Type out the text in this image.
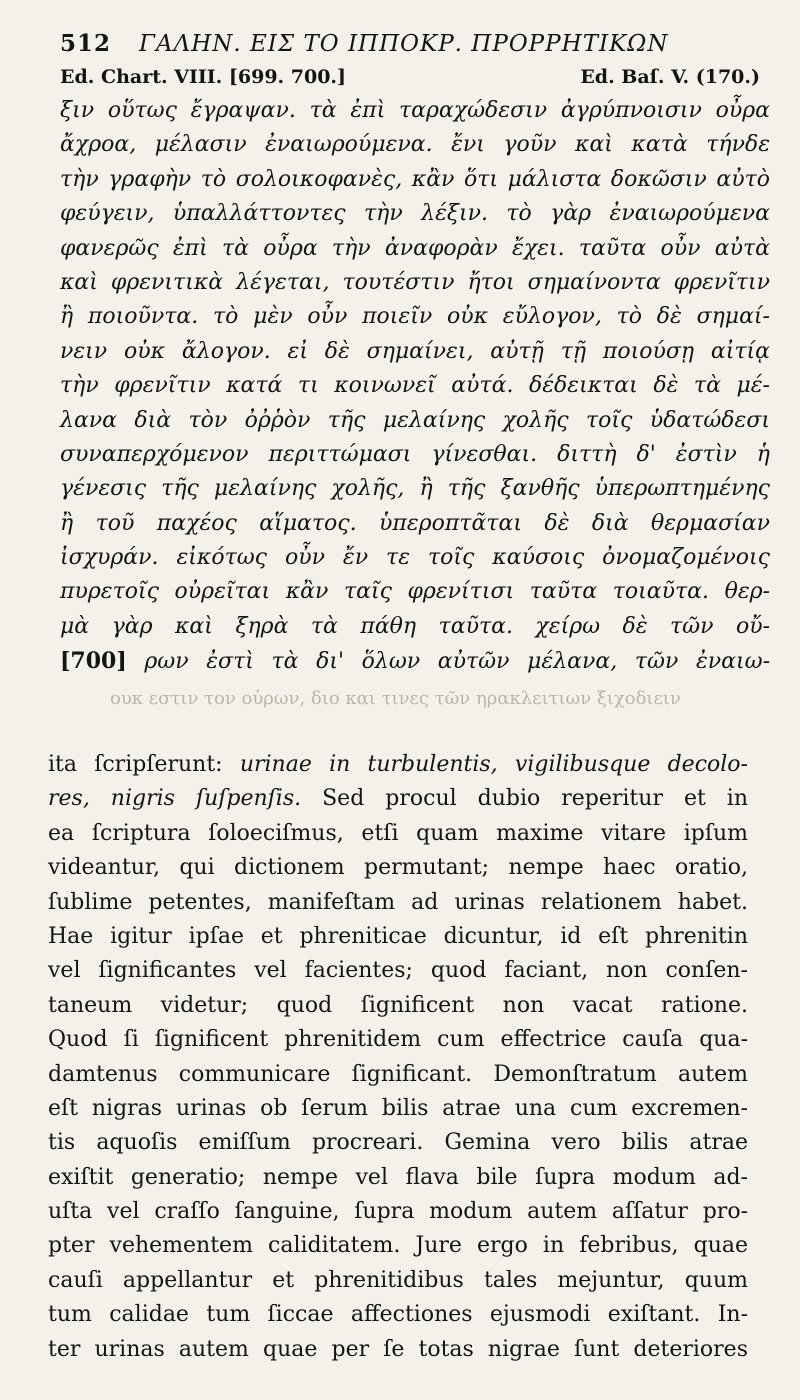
512 ΓΑΛΗΝ. ΕΙΣ ΤΟ ΙΠΠΟΚΡ. ΠΡΟΡΡΗΤΙΚΩΝ
Ed. Chart. VIII. [699. 700.]	Ed. Baſ. V. (170.)
ξιν οὕτως ἔγραψαν. τὰ ἐπὶ ταραχώδεσιν ἀγρύπνοισιν οὖρα
ἄχροα, μέλασιν ἐναιωρούμενα. ἔνι γοῦν καὶ κατὰ τήνδε
τὴν γραφὴν τὸ σολοικοφανὲς, κἂν ὅτι μάλιστα δοκῶσιν αὐτὸ
φεύγειν, ὑπαλλάττοντες τὴν λέξιν. τὸ γὰρ ἐναιωρούμενα
φανερῶς ἐπὶ τὰ οὖρα τὴν ἀναφορὰν ἔχει. ταῦτα οὖν αὐτὰ
καὶ φρενιτικὰ λέγεται, τουτέστιν ἤτοι σημαίνοντα φρενῖτιν
ἢ ποιοῦντα. τὸ μὲν οὖν ποιεῖν οὐκ εὔλογον, τὸ δὲ σημαί-
νειν οὐκ ἄλογον. εἰ δὲ σημαίνει, αὐτῇ τῇ ποιούσῃ αἰτίᾳ
τὴν φρενῖτιν κατά τι κοινωνεῖ αὐτά. δέδεικται δὲ τὰ μέ-
λανα διὰ τὸν ὀῤῥὸν τῆς μελαίνης χολῆς τοῖς ὑδατώδεσι
συναπερχόμενον περιττώμασι γίνεσθαι. διττὴ δ' ἐστὶν ἡ
γένεσις τῆς μελαίνης χολῆς, ἢ τῆς ξανθῆς ὑπερωπτημένης
ἢ τοῦ παχέος αἵματος. ὑπεροπτᾶται δὲ διὰ θερμασίαν
ἰσχυράν. εἰκότως οὖν ἔν τε τοῖς καύσοις ὀνομαζομένοις
πυρετοῖς οὐρεῖται κἂν ταῖς φρενίτισι ταῦτα τοιαῦτα. θερ-
μὰ γὰρ καὶ ξηρὰ τὰ πάθη ταῦτα. χείρω δὲ τῶν οὔ-
[700] ρων ἐστὶ τὰ δι' ὅλων αὐτῶν μέλανα, τῶν ἐναιω-
ουκ εστιν τον οὐρων, διο και τινες τῶν ηρακλειτιων ξιχοδιειν
ita ſcripſerunt: urinae in turbulentis, vigilibusque decolo-
res, nigris ſuſpenſis. Sed procul dubio reperitur et in
ea ſcriptura ſoloeciſmus, etſi quam maxime vitare ipſum
videantur, qui dictionem permutant; nempe haec oratio,
ſublime petentes, manifeſtam ad urinas relationem habet.
Hae igitur ipſae et phreniticae dicuntur, id eſt phrenitin
vel ſignificantes vel facientes; quod faciant, non conſen-
taneum videtur; quod ſignificent non vacat ratione.
Quod ſi ſignificent phrenitidem cum effectrice cauſa qua-
damtenus communicare ſignificant. Demonſtratum autem
eſt nigras urinas ob ſerum bilis atrae una cum excremen-
tis aquoſis emiſſum procreari. Gemina vero bilis atrae
exiſtit generatio; nempe vel flava bile ſupra modum ad-
uſta vel craſſo ſanguine, ſupra modum autem aſſatur pro-
pter vehementem caliditatem. Jure ergo in febribus, quae
cauſi appellantur et phrenitidibus tales mejuntur, quum
tum calidae tum ſiccae affectiones ejusmodi exiſtant. In-
ter urinas autem quae per ſe totas nigrae ſunt deteriores
